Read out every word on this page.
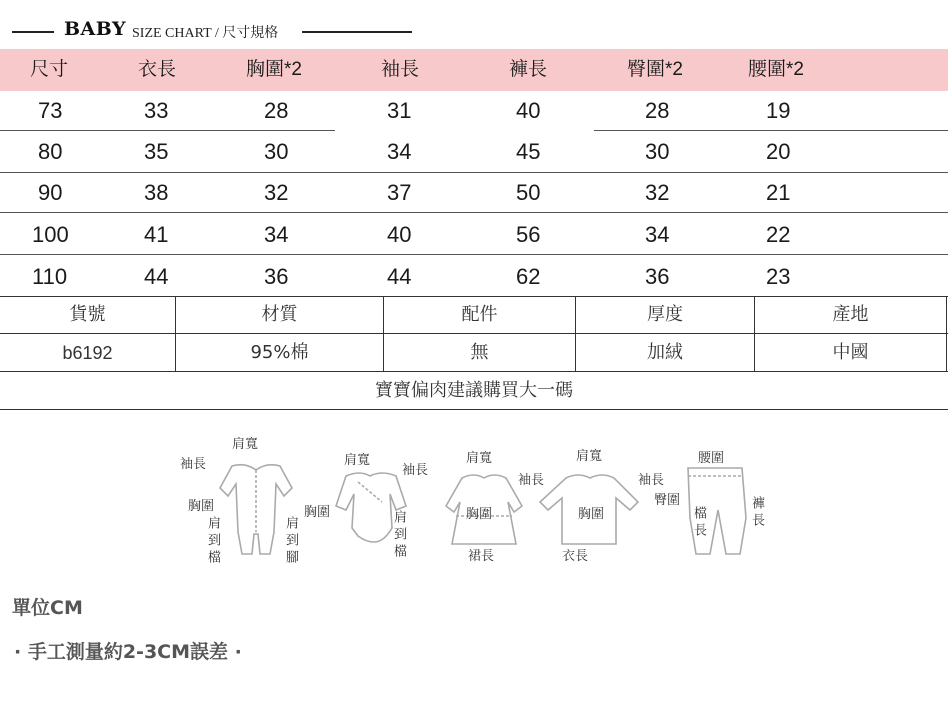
BABY SIZE CHART / 尺寸規格
尺寸	衣長	胸圍*2	袖長	褲長	臀圍*2	腰圍*2
73	33	28	31	40	28	19
80	35	30	34	45	30	20
90	38	32	37	50	32	21
100	41	34	40	56	34	22
110	44	36	44	62	36	23
貨號	材質	配件	厚度	產地
b6192	95%棉	無	加絨	中國
寶寶偏肉建議購買大一碼
肩寬
袖長
胸圍
肩到檔	肩到腳
肩寬
袖長
胸圍	肩到檔
肩寬
袖長
胸圍
裙長
肩寬
袖長
胸圍
衣長
腰圍
臀圍
檔長	褲長
單位CM
· 手工測量約2-3CM誤差 ·
